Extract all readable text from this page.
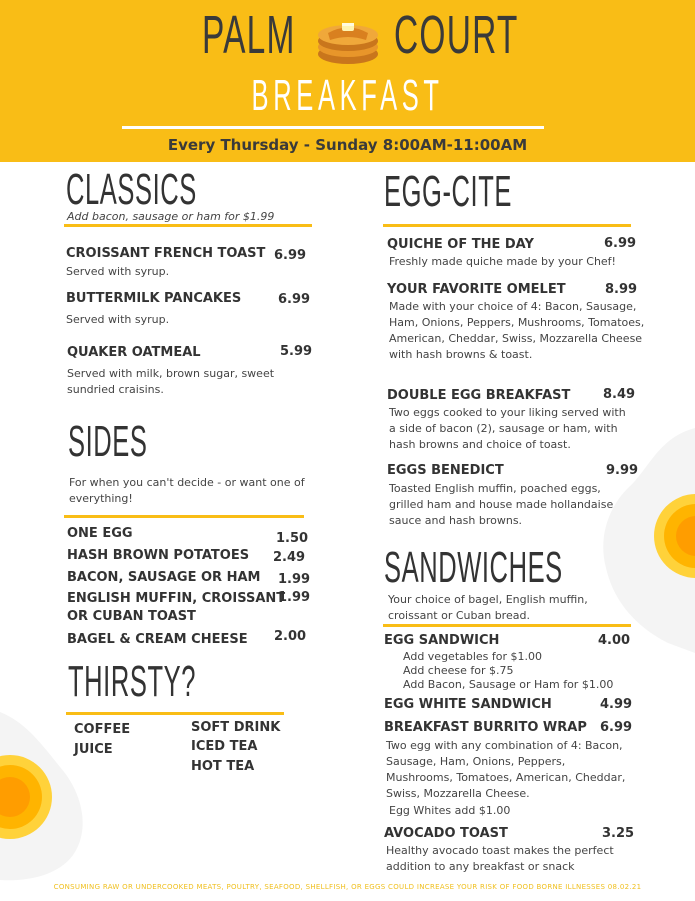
PALM COURT
BREAKFAST
Every Thursday - Sunday 8:00AM-11:00AM
CLASSICS
Add bacon, sausage or ham for $1.99
CROISSANT FRENCH TOAST 6.99
Served with syrup.
BUTTERMILK PANCAKES	6.99
Served with syrup.
QUAKER OATMEAL	5.99
Served with milk, brown sugar, sweet sundried craisins.
SIDES
For when you can't decide - or want one of everything!
ONE EGG	1.50
HASH BROWN POTATOES 2.49
BACON, SAUSAGE OR HAM 1.99
ENGLISH MUFFIN, CROISSANT
OR CUBAN TOAST
1.99
BAGEL & CREAM CHEESE 2.00
THIRSTY?
COFFEE
JUICE
SOFT DRINK
ICED TEA
HOT TEA
EGG-CITE
QUICHE OF THE DAY	6.99
Freshly made quiche made by your Chef!
YOUR FAVORITE OMELET	8.99
Made with your choice of 4: Bacon, Sausage, Ham, Onions, Peppers, Mushrooms, Tomatoes, American, Cheddar, Swiss, Mozzarella Cheese with hash browns & toast.
DOUBLE EGG BREAKFAST	8.49
Two eggs cooked to your liking served with a side of bacon (2), sausage or ham, with hash browns and choice of toast.
EGGS BENEDICT	9.99
Toasted English muffin, poached eggs, grilled ham and house made hollandaise sauce and hash browns.
SANDWICHES
Your choice of bagel, English muffin, croissant or Cuban bread.
EGG SANDWICH	4.00
Add vegetables for $1.00
Add cheese for $.75
Add Bacon, Sausage or Ham for $1.00
EGG WHITE SANDWICH	4.99
BREAKFAST BURRITO WRAP 6.99
Two egg with any combination of 4: Bacon, Sausage, Ham, Onions, Peppers, Mushrooms, Tomatoes, American, Cheddar, Swiss, Mozzarella Cheese.
Egg Whites add $1.00
AVOCADO TOAST	3.25
Healthy avocado toast makes the perfect addition to any breakfast or snack
CONSUMING RAW OR UNDERCOOKED MEATS, POULTRY, SEAFOOD, SHELLFISH, OR EGGS COULD INCREASE YOUR RISK OF FOOD BORNE ILLNESSES 08.02.21
